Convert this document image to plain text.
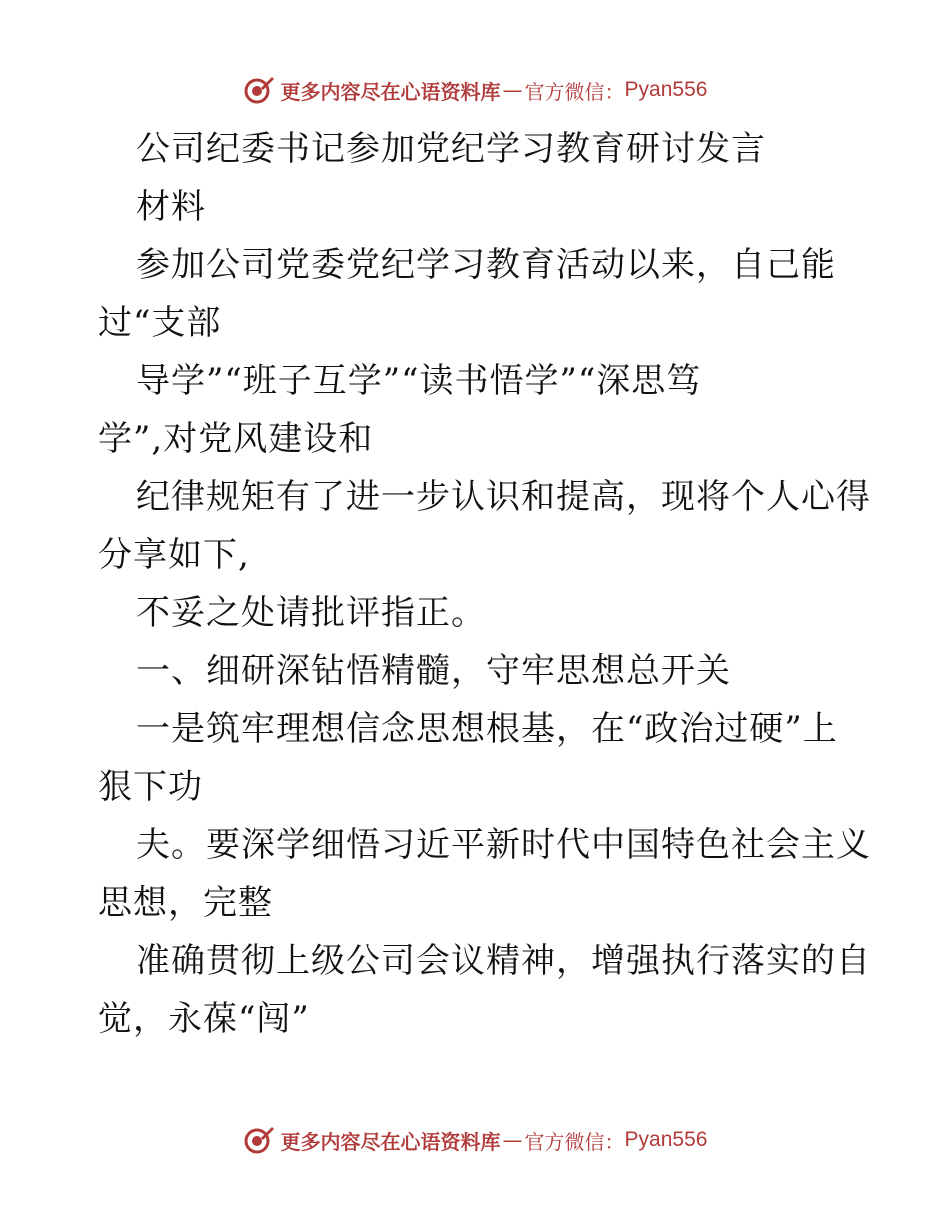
更多内容尽在心语资料库 — 官方微信： Pyan556
公司纪委书记参加党纪学习教育研讨发言
材料
参加公司党委党纪学习教育活动以来，自己能
过“支部
导学”“班子互学”“读书悟学”“深思笃
学”,对党风建设和
纪律规矩有了进一步认识和提高，现将个人心得
分享如下,
不妥之处请批评指正。
一、细研深钻悟精髓，守牢思想总开关
一是筑牢理想信念思想根基，在“政治过硬”上
狠下功
夫。要深学细悟习近平新时代中国特色社会主义
思想，完整
准确贯彻上级公司会议精神，增强执行落实的自
觉，永葆“闯”
更多内容尽在心语资料库 — 官方微信： Pyan556
